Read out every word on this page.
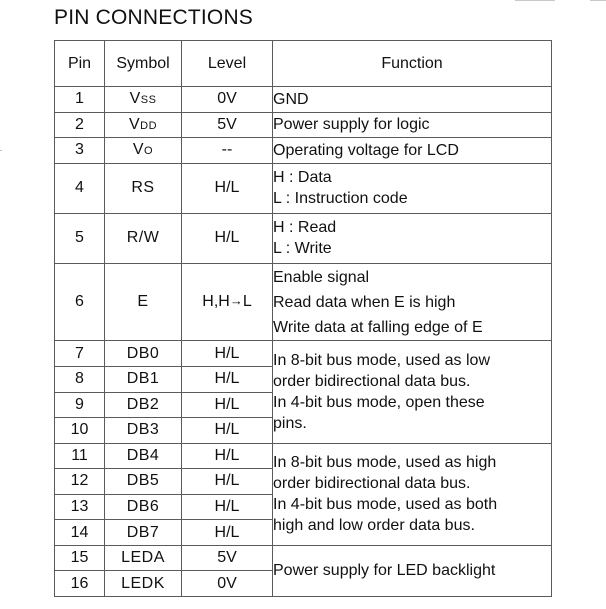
PIN CONNECTIONS
Pin	Symbol	Level	Function
1	VSS	0V	GND

2	VDD	5V	Power supply for logic

3	VO	--	Operating voltage for LCD

4	RS	H/L	H : Data
L : Instruction code

5	R/W	H/L	H : Read
L : Write

6	E	H,H→L	Enable signal
Read data when E is high
Write data at falling edge of E

7	DB0	H/L	In 8-bit bus mode, used as low
order bidirectional data bus.
In 4-bit bus mode, open these
pins.

8	DB1	H/L	
9	DB2	H/L	
10	DB3	H/L	
11	DB4	H/L	In 8-bit bus mode, used as high
order bidirectional data bus.
In 4-bit bus mode, used as both
high and low order data bus.

12	DB5	H/L	
13	DB6	H/L	
14	DB7	H/L	
15	LEDA	5V	Power supply for LED backlight

16	LEDK	0V	
